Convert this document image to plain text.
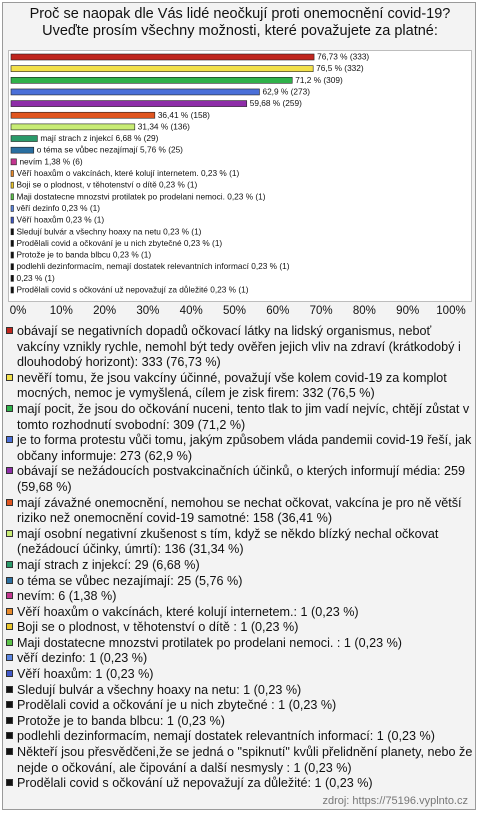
Proč se naopak dle Vás lidé neočkují proti onemocnění covid-19?
Uveďte prosím všechny možnosti, které považujete za platné:
76,73 % (333)
76,5 % (332)
71,2 % (309)
62,9 % (273)
59,68 % (259)
36,41 % (158)
31,34 % (136)
mají strach z injekcí 6,68 % (29)
o téma se vůbec nezajímají 5,76 % (25)
nevím 1,38 % (6)
Věří hoaxům o vakcínách, které kolují internetem. 0,23 % (1)
Boji se o plodnost, v těhotenství o dítě 0,23 % (1)
Maji dostatecne mnozstvi protilatek po prodelani nemoci. 0,23 % (1)
věří dezinfo 0,23 % (1)
Věří hoaxům 0,23 % (1)
Sledují bulvár a všechny hoaxy na netu 0,23 % (1)
Prodělali covid a očkování je u nich zbytečné 0,23 % (1)
Protože je to banda blbcu 0,23 % (1)
podlehli dezinformacím, nemají dostatek relevantních informací 0,23 % (1)
0,23 % (1)
Prodělali covid s očkování už nepovažují za důležité 0,23 % (1)
0% 10% 20% 30% 40% 50% 60% 70% 80% 90% 100%
obávají se negativních dopadů očkovací látky na lidský organismus, neboť vakcíny vznikly rychle, nemohl být tedy ověřen jejich vliv na zdraví (krátkodobý i dlouhodobý horizont): 333 (76,73 %)
nevěří tomu, že jsou vakcíny účinné, považují vše kolem covid-19 za komplot mocných, nemoc je vymyšlená, cílem je zisk firem: 332 (76,5 %)
mají pocit, že jsou do očkování nuceni, tento tlak to jim vadí nejvíc, chtějí zůstat v tomto rozhodnutí svobodní: 309 (71,2 %)
je to forma protestu vůči tomu, jakým způsobem vláda pandemii covid-19 řeší, jak občany informuje: 273 (62,9 %)
obávají se nežádoucích postvakcinačních účinků, o kterých informují média: 259 (59,68 %)
mají závažné onemocnění, nemohou se nechat očkovat, vakcína je pro ně větší riziko než onemocnění covid-19 samotné: 158 (36,41 %)
mají osobní negativní zkušenost s tím, když se někdo blízký nechal očkovat (nežádoucí účinky, úmrtí): 136 (31,34 %)
mají strach z injekcí: 29 (6,68 %)
o téma se vůbec nezajímají: 25 (5,76 %)
nevím: 6 (1,38 %)
Věří hoaxům o vakcínách, které kolují internetem.: 1 (0,23 %)
Boji se o plodnost, v těhotenství o dítě : 1 (0,23 %)
Maji dostatecne mnozstvi protilatek po prodelani nemoci. : 1 (0,23 %)
věří dezinfo: 1 (0,23 %)
Věří hoaxům: 1 (0,23 %)
Sledují bulvár a všechny hoaxy na netu: 1 (0,23 %)
Prodělali covid a očkování je u nich zbytečné : 1 (0,23 %)
Protože je to banda blbcu: 1 (0,23 %)
podlehli dezinformacím, nemají dostatek relevantních informací: 1 (0,23 %)
Někteří jsou přesvědčeni,že se jedná o "spiknutí" kvůli přelidnění planety, nebo že nejde o očkování, ale čipování a další nesmysly : 1 (0,23 %)
Prodělali covid s očkování už nepovažují za důležité: 1 (0,23 %)
zdroj: https://75196.vyplnto.cz
